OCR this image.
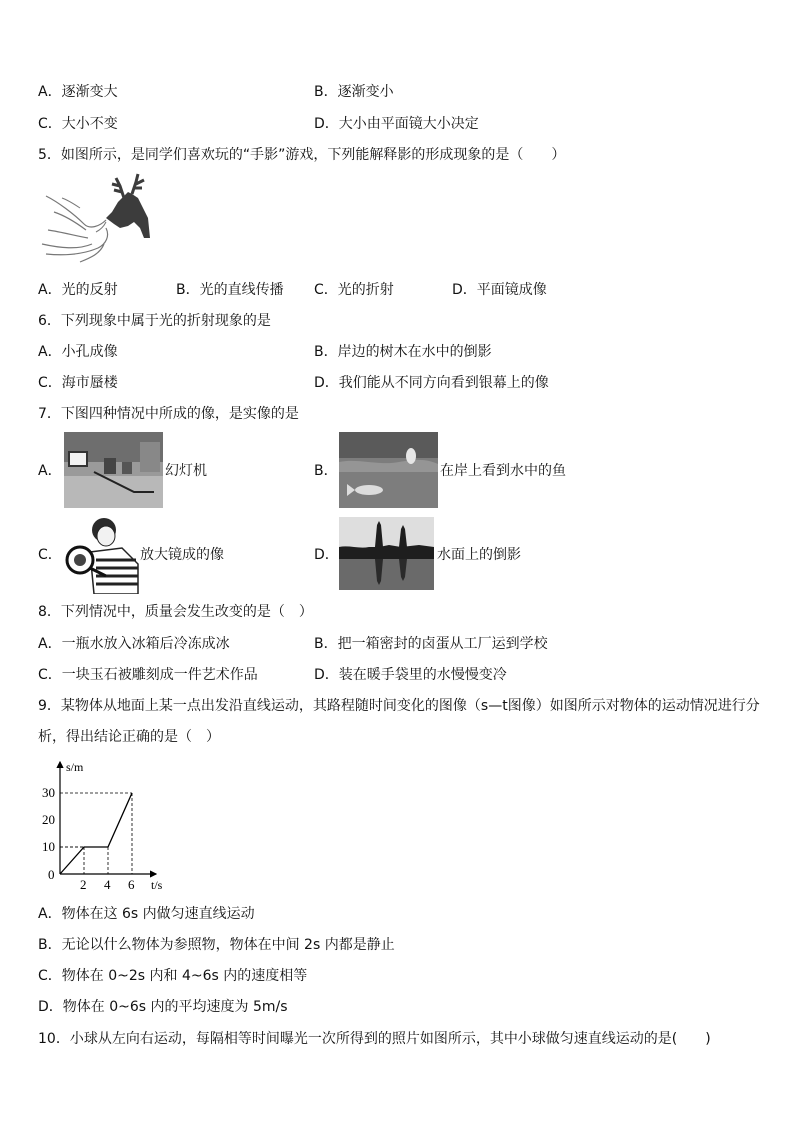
A．逐渐变大	B．逐渐变小
C．大小不变	D．大小由平面镜大小决定
5．如图所示，是同学们喜欢玩的“手影”游戏，下列能解释影的形成现象的是（　　）
A．光的反射	B．光的直线传播 C．光的折射	D．平面镜成像
6．下列现象中属于光的折射现象的是
A．小孔成像	B．岸边的树木在水中的倒影
C．海市蜃楼	D．我们能从不同方向看到银幕上的像
7．下图四种情况中所成的像，是实像的是
A．	幻灯机	B．	在岸上看到水中的鱼
C．	放大镜成的像	D．	水面上的倒影
8．下列情况中，质量会发生改变的是（　）
A．一瓶水放入冰箱后冷冻成冰	B．把一箱密封的卤蛋从工厂运到学校
C．一块玉石被雕刻成一件艺术作品	D．装在暖手袋里的水慢慢变冷
9．某物体从地面上某一点出发沿直线运动，其路程随时间变化的图像（s—t图像）如图所示对物体的运动情况进行分
析，得出结论正确的是（　）
s/m
t/s
0
10
20
30
2 4 6
A．物体在这 6s 内做匀速直线运动
B．无论以什么物体为参照物，物体在中间 2s 内都是静止
C．物体在 0~2s 内和 4~6s 内的速度相等
D．物体在 0~6s 内的平均速度为 5m/s
10．小球从左向右运动，每隔相等时间曝光一次所得到的照片如图所示，其中小球做匀速直线运动的是(　　)
